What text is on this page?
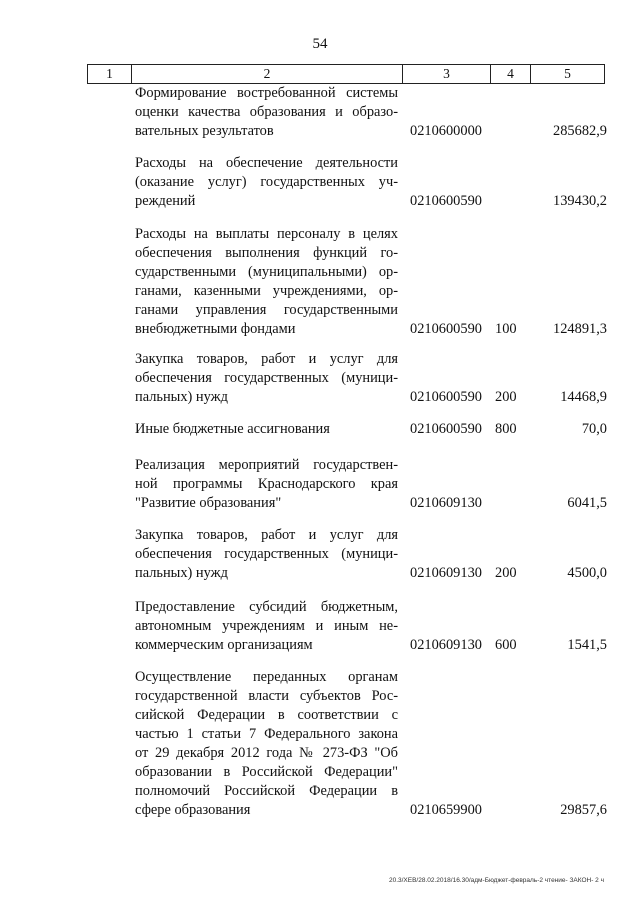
54
1	2	3	4	5
Формирование востребованной системы
оценки качества образования и образо-
вательных результатов	0210600000	285682,9
Расходы на обеспечение деятельности
(оказание услуг) государственных уч-
реждений	0210600590	139430,2
Расходы на выплаты персоналу в целях
обеспечения выполнения функций го-
сударственными (муниципальными) ор-
ганами, казенными учреждениями, ор-
ганами управления государственными
внебюджетными фондами	0210600590 100	124891,3
Закупка товаров, работ и услуг для
обеспечения государственных (муници-
пальных) нужд	0210600590 200	14468,9
Иные бюджетные ассигнования	0210600590 800	70,0
Реализация мероприятий государствен-
ной программы Краснодарского края
"Развитие образования"	0210609130	6041,5
Закупка товаров, работ и услуг для
обеспечения государственных (муници-
пальных) нужд	0210609130 200	4500,0
Предоставление субсидий бюджетным,
автономным учреждениям и иным не-
коммерческим организациям	0210609130 600	1541,5
Осуществление переданных органам
государственной власти субъектов Рос-
сийской Федерации в соответствии с
частью 1 статьи 7 Федерального закона
от 29 декабря 2012 года № 273-ФЗ "Об
образовании в Российской Федерации"
полномочий Российской Федерации в
сфере образования	0210659900	29857,6
20.3/ХЕВ/28.02.2018/16.30/адм-Бюджет-февраль-2 чтение- ЗАКОН- 2 ч
